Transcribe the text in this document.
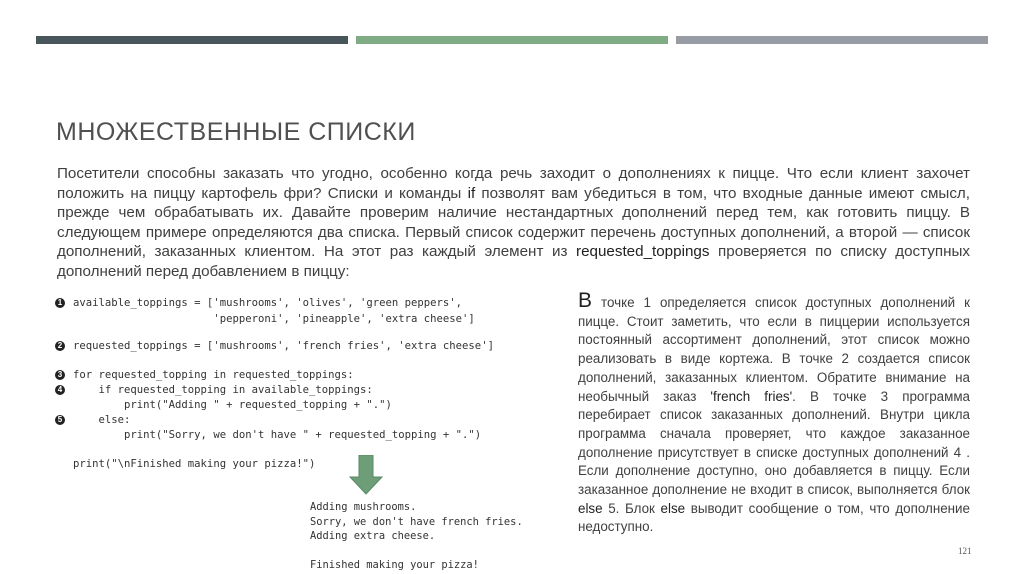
МНОЖЕСТВЕННЫЕ СПИСКИ

Посетители способны заказать что угодно, особенно когда речь заходит о дополнениях к пицце. Что если клиент захочет положить на пиццу картофель фри? Списки и команды if позволят вам убедиться в том, что входные данные имеют смысл, прежде чем обрабатывать их. Давайте проверим наличие нестандартных дополнений перед тем, как готовить пиццу. В следующем примере определяются два списка. Первый список содержит перечень доступных дополнений, а второй — список дополнений, заказанных клиентом. На этот раз каждый элемент из requested_toppings проверяется по списку доступных дополнений перед добавлением в пиццу:

1 available_toppings = ['mushrooms', 'olives', 'green peppers',
'pepperoni', 'pineapple', 'extra cheese']
2 requested_toppings = ['mushrooms', 'french fries', 'extra cheese']
3 for requested_topping in requested_toppings:
4    if requested_topping in available_toppings:
print("Adding " + requested_topping + ".")
5    else:
print("Sorry, we don't have " + requested_topping + ".")
print("\nFinished making your pizza!")
Adding mushrooms.
Sorry, we don't have french fries.
Adding extra cheese.
Finished making your pizza!

В точке 1 определяется список доступных дополнений к пицце. Стоит заметить, что если в пиццерии используется постоянный ассортимент дополнений, этот список можно реализовать в виде кортежа. В точке 2 создается список дополнений, заказанных клиентом. Обратите внимание на необычный заказ 'french fries'. В точке 3 программа перебирает список заказанных дополнений. Внутри цикла программа сначала проверяет, что каждое заказанное дополнение присутствует в списке доступных дополнений 4 . Если дополнение доступно, оно добавляется в пиццу. Если заказанное дополнение не входит в список, выполняется блок else 5. Блок else выводит сообщение о том, что дополнение недоступно.

121
